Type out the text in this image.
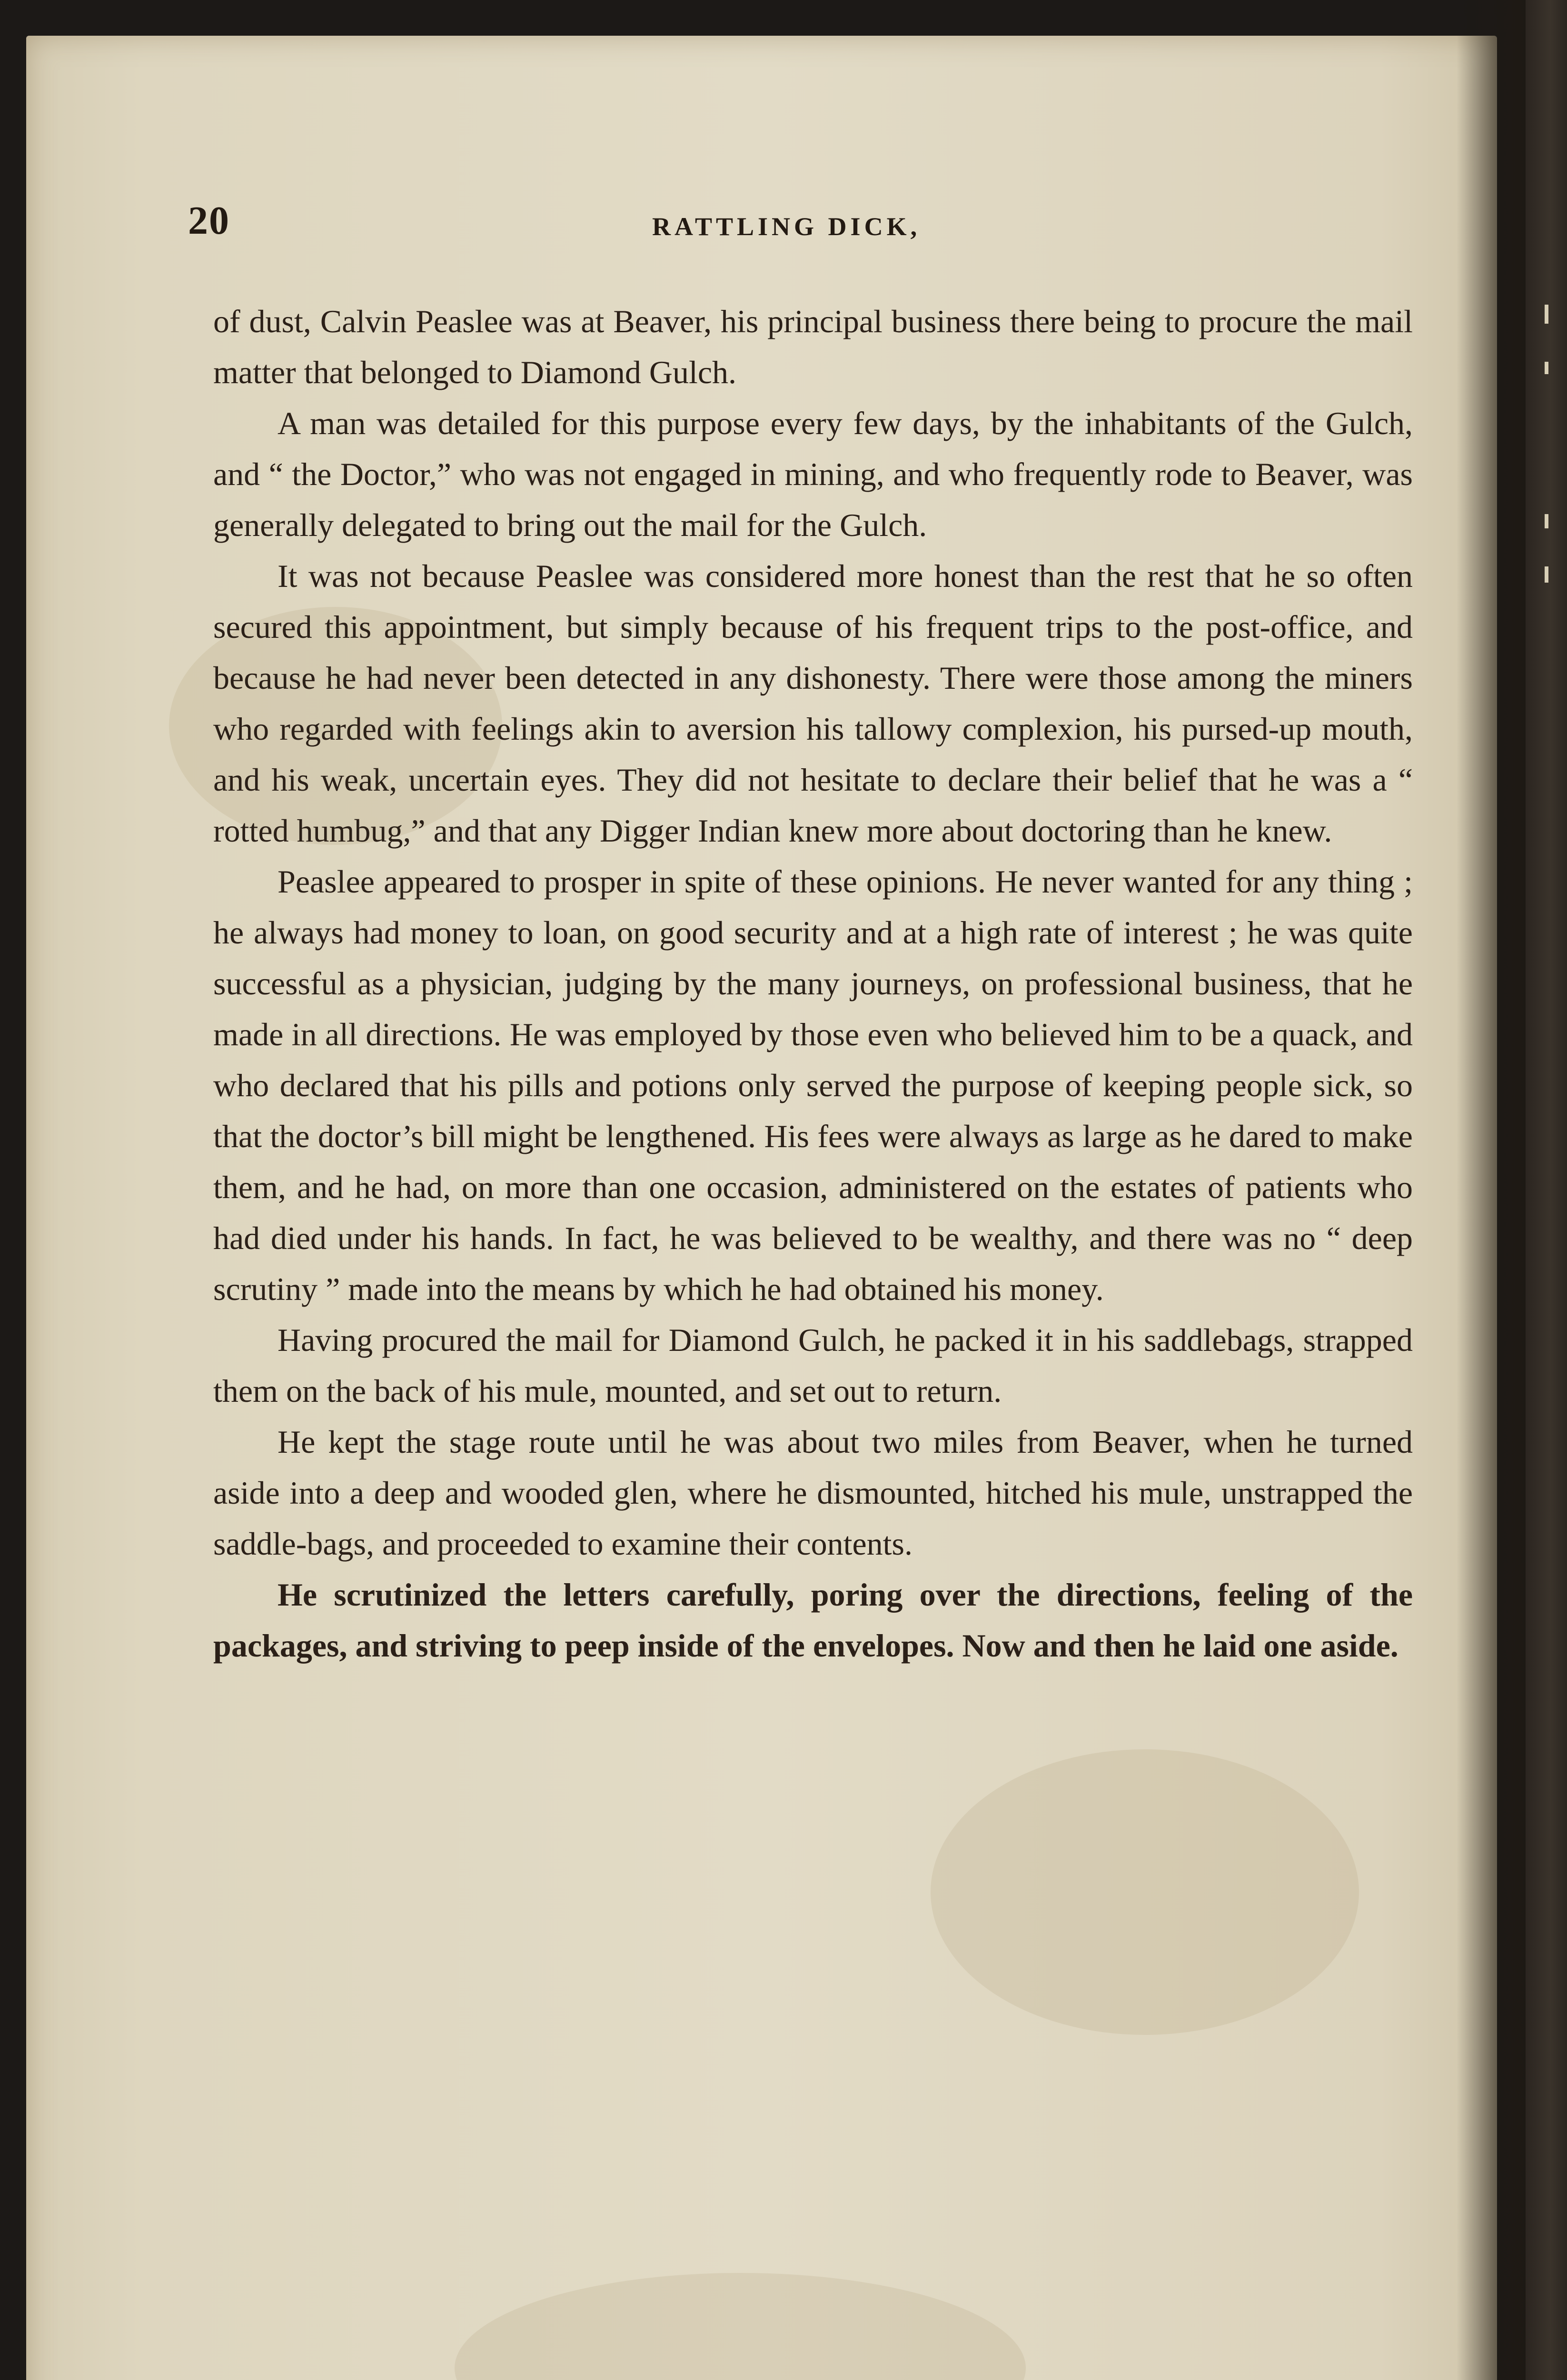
20	RATTLING DICK,

of dust, Calvin Peaslee was at Beaver, his principal business there being to procure the mail matter that belonged to Diamond Gulch.

A man was detailed for this purpose every few days, by the inhabitants of the Gulch, and “ the Doctor,” who was not engaged in mining, and who frequently rode to Beaver, was generally delegated to bring out the mail for the Gulch.

It was not because Peaslee was considered more honest than the rest that he so often secured this appointment, but simply because of his frequent trips to the post-office, and because he had never been detected in any dishonesty. There were those among the miners who regarded with feelings akin to aversion his tallowy complexion, his pursed-up mouth, and his weak, uncertain eyes. They did not hesitate to declare their belief that he was a “ rotted humbug,” and that any Digger Indian knew more about doctoring than he knew.

Peaslee appeared to prosper in spite of these opinions. He never wanted for any thing ; he always had money to loan, on good security and at a high rate of interest ; he was quite successful as a physician, judging by the many journeys, on professional business, that he made in all directions. He was employed by those even who believed him to be a quack, and who declared that his pills and potions only served the purpose of keeping people sick, so that the doctor’s bill might be lengthened. His fees were always as large as he dared to make them, and he had, on more than one occasion, administered on the estates of patients who had died under his hands. In fact, he was believed to be wealthy, and there was no “ deep scrutiny ” made into the means by which he had obtained his money.

Having procured the mail for Diamond Gulch, he packed it in his saddlebags, strapped them on the back of his mule, mounted, and set out to return.

He kept the stage route until he was about two miles from Beaver, when he turned aside into a deep and wooded glen, where he dismounted, hitched his mule, unstrapped the saddle-bags, and proceeded to examine their contents.

He scrutinized the letters carefully, poring over the directions, feeling of the packages, and striving to peep inside of the envelopes. Now and then he laid one aside.
